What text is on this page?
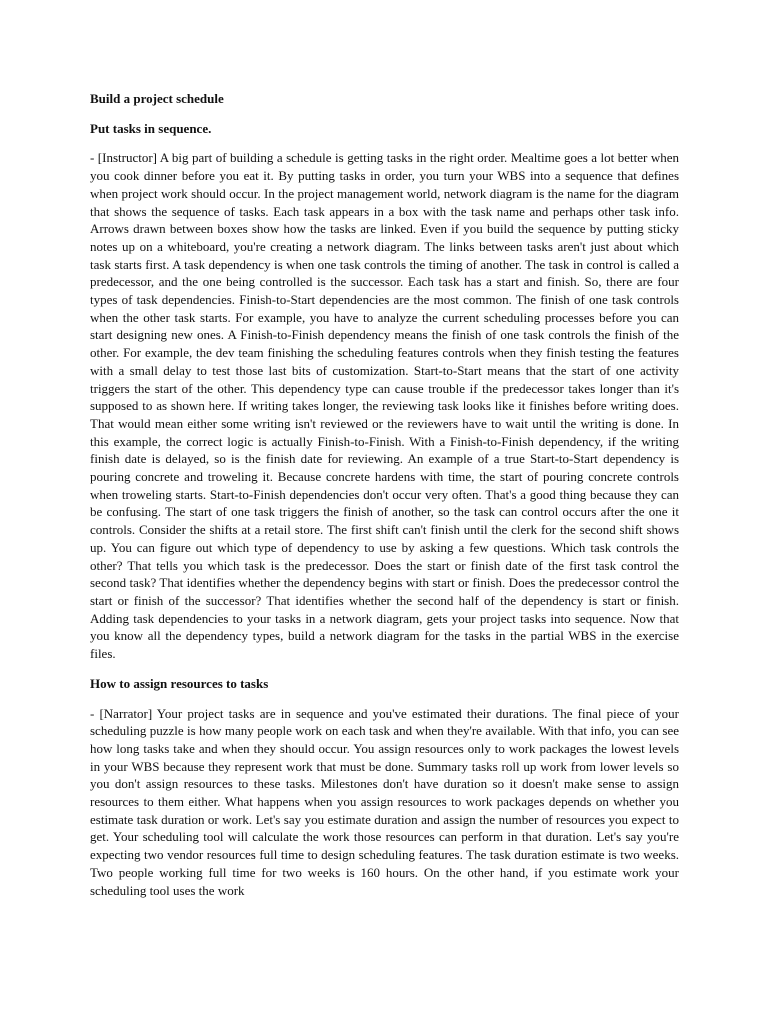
Build a project schedule
Put tasks in sequence.
- [Instructor] A big part of building a schedule is getting tasks in the right order. Mealtime goes a lot better when you cook dinner before you eat it. By putting tasks in order, you turn your WBS into a sequence that defines when project work should occur. In the project management world, network diagram is the name for the diagram that shows the sequence of tasks. Each task appears in a box with the task name and perhaps other task info. Arrows drawn between boxes show how the tasks are linked. Even if you build the sequence by putting sticky notes up on a whiteboard, you're creating a network diagram. The links between tasks aren't just about which task starts first. A task dependency is when one task controls the timing of another. The task in control is called a predecessor, and the one being controlled is the successor. Each task has a start and finish. So, there are four types of task dependencies. Finish-to-Start dependencies are the most common. The finish of one task controls when the other task starts. For example, you have to analyze the current scheduling processes before you can start designing new ones. A Finish-to-Finish dependency means the finish of one task controls the finish of the other. For example, the dev team finishing the scheduling features controls when they finish testing the features with a small delay to test those last bits of customization. Start-to-Start means that the start of one activity triggers the start of the other. This dependency type can cause trouble if the predecessor takes longer than it's supposed to as shown here. If writing takes longer, the reviewing task looks like it finishes before writing does. That would mean either some writing isn't reviewed or the reviewers have to wait until the writing is done. In this example, the correct logic is actually Finish-to-Finish. With a Finish-to-Finish dependency, if the writing finish date is delayed, so is the finish date for reviewing. An example of a true Start-to-Start dependency is pouring concrete and troweling it. Because concrete hardens with time, the start of pouring concrete controls when troweling starts. Start-to-Finish dependencies don't occur very often. That's a good thing because they can be confusing. The start of one task triggers the finish of another, so the task can control occurs after the one it controls. Consider the shifts at a retail store. The first shift can't finish until the clerk for the second shift shows up. You can figure out which type of dependency to use by asking a few questions. Which task controls the other? That tells you which task is the predecessor. Does the start or finish date of the first task control the second task? That identifies whether the dependency begins with start or finish. Does the predecessor control the start or finish of the successor? That identifies whether the second half of the dependency is start or finish. Adding task dependencies to your tasks in a network diagram, gets your project tasks into sequence. Now that you know all the dependency types, build a network diagram for the tasks in the partial WBS in the exercise files.
How to assign resources to tasks
- [Narrator] Your project tasks are in sequence and you've estimated their durations. The final piece of your scheduling puzzle is how many people work on each task and when they're available. With that info, you can see how long tasks take and when they should occur. You assign resources only to work packages the lowest levels in your WBS because they represent work that must be done. Summary tasks roll up work from lower levels so you don't assign resources to these tasks. Milestones don't have duration so it doesn't make sense to assign resources to them either. What happens when you assign resources to work packages depends on whether you estimate task duration or work. Let's say you estimate duration and assign the number of resources you expect to get. Your scheduling tool will calculate the work those resources can perform in that duration. Let's say you're expecting two vendor resources full time to design scheduling features. The task duration estimate is two weeks. Two people working full time for two weeks is 160 hours. On the other hand, if you estimate work your scheduling tool uses the work
